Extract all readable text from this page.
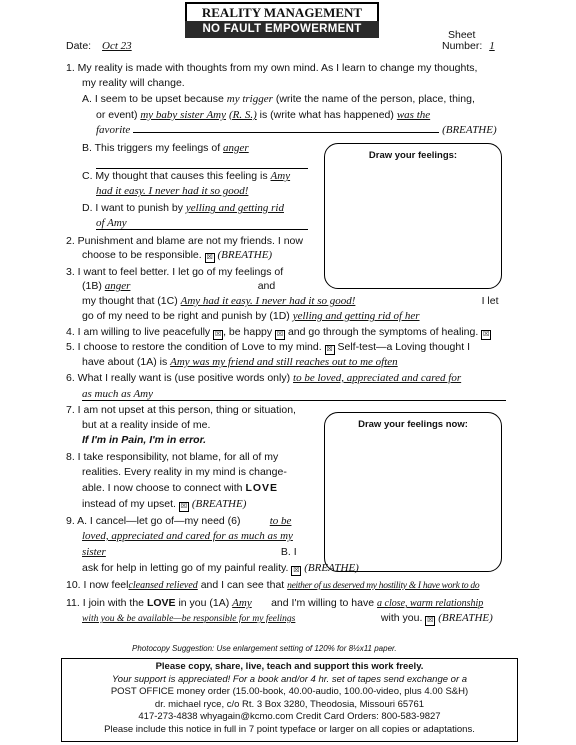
REALITY MANAGEMENT
NO FAULT EMPOWERMENT TOOLS
Date: Oct 23
Sheet
Number: 1
1. My reality is made with thoughts from my own mind. As I learn to change my thoughts,
my reality will change.
A. I seem to be upset because my trigger (write the name of the person, place, thing,
or event) my baby sister Amy (R. S.) is (write what has happened) was the
favorite	(BREATHE)
B. This triggers my feelings of anger
C. My thought that causes this feeling is Amy
had it easy. I never had it so good!
D. I want to punish by yelling and getting rid
of Amy
Draw your feelings:
2. Punishment and blame are not my friends. I now
choose to be responsible. ☒ (BREATHE)
3. I want to feel better. I let go of my feelings of
(1B) anger	and
my thought that (1C) Amy had it easy. I never had it so good!	I let
go of my need to be right and punish by (1D) yelling and getting rid of her
4. I am willing to live peacefully ☒ , be happy ☒ and go through the symptoms of healing. ☒
5. I choose to restore the condition of Love to my mind. ☒ Self-test—a Loving thought I
have about (1A) is Amy was my friend and still reaches out to me often
6. What I really want is (use positive words only) to be loved, appreciated and cared for
as much as Amy
7. I am not upset at this person, thing or situation,
but at a reality inside of me.
If I'm in Pain, I'm in error.
Draw your feelings now:
8. I take responsibility, not blame, for all of my
realities. Every reality in my mind is change-
able. I now choose to connect with LOVE
instead of my upset. ☒ (BREATHE)
9. A. I cancel—let go of—my need (6)	to be
loved, appreciated and cared for as much as my
sister	B. I
ask for help in letting go of my painful reality. ☒ (BREATHE)
10. I now feelcleansed relieved and I can see that neither of us deserved my hostility & I have work to do
11. I join with the LOVE in you (1A) Amy and I'm willing to have a close, warm relationship
with you & be available—be responsible for my feelings	with you. ☒ (BREATHE)
Photocopy Suggestion: Use enlargement setting of 120% for 8½x11 paper.
Please copy, share, live, teach and support this work freely.
Your support is appreciated! For a book and/or 4 hr. set of tapes send exchange or a
POST OFFICE money order (15.00-book, 40.00-audio, 100.00-video, plus 4.00 S&H)
dr. michael ryce, c/o Rt. 3 Box 3280, Theodosia, Missouri 65761
417-273-4838 whyagain@kcmo.com Credit Card Orders: 800-583-9827
Please include this notice in full in 7 point typeface or larger on all copies or adaptations.
